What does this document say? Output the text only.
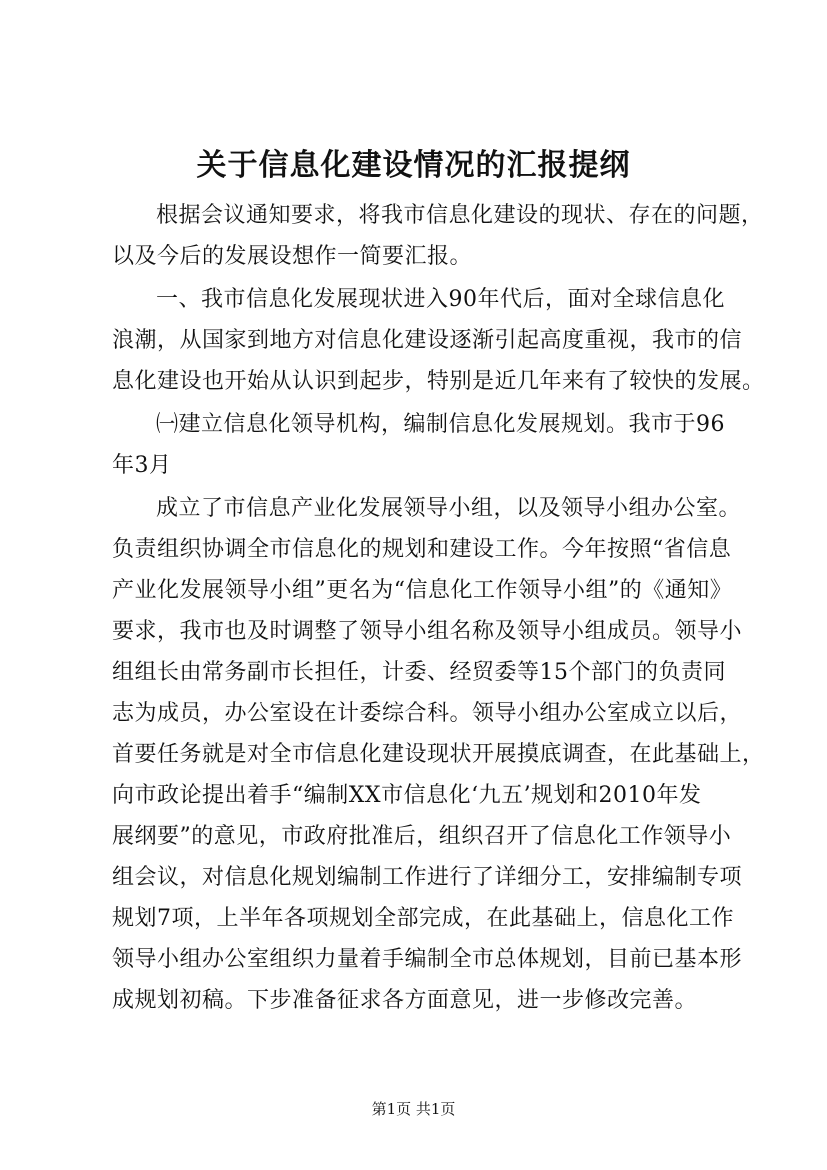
关于信息化建设情况的汇报提纲
根据会议通知要求，将我市信息化建设的现状、存在的问题，
以及今后的发展设想作一简要汇报。
一、我市信息化发展现状进入90年代后，面对全球信息化
浪潮，从国家到地方对信息化建设逐渐引起高度重视，我市的信
息化建设也开始从认识到起步，特别是近几年来有了较快的发展。
㈠建立信息化领导机构，编制信息化发展规划。我市于96
年3月
成立了市信息产业化发展领导小组，以及领导小组办公室。
负责组织协调全市信息化的规划和建设工作。今年按照“省信息
产业化发展领导小组”更名为“信息化工作领导小组”的《通知》
要求，我市也及时调整了领导小组名称及领导小组成员。领导小
组组长由常务副市长担任，计委、经贸委等15个部门的负责同
志为成员，办公室设在计委综合科。领导小组办公室成立以后，
首要任务就是对全市信息化建设现状开展摸底调查，在此基础上，
向市政论提出着手“编制XX市信息化‘九五’规划和2010年发
展纲要”的意见，市政府批准后，组织召开了信息化工作领导小
组会议，对信息化规划编制工作进行了详细分工，安排编制专项
规划7项，上半年各项规划全部完成，在此基础上，信息化工作
领导小组办公室组织力量着手编制全市总体规划，目前已基本形
成规划初稿。下步准备征求各方面意见，进一步修改完善。
第1页 共1页
